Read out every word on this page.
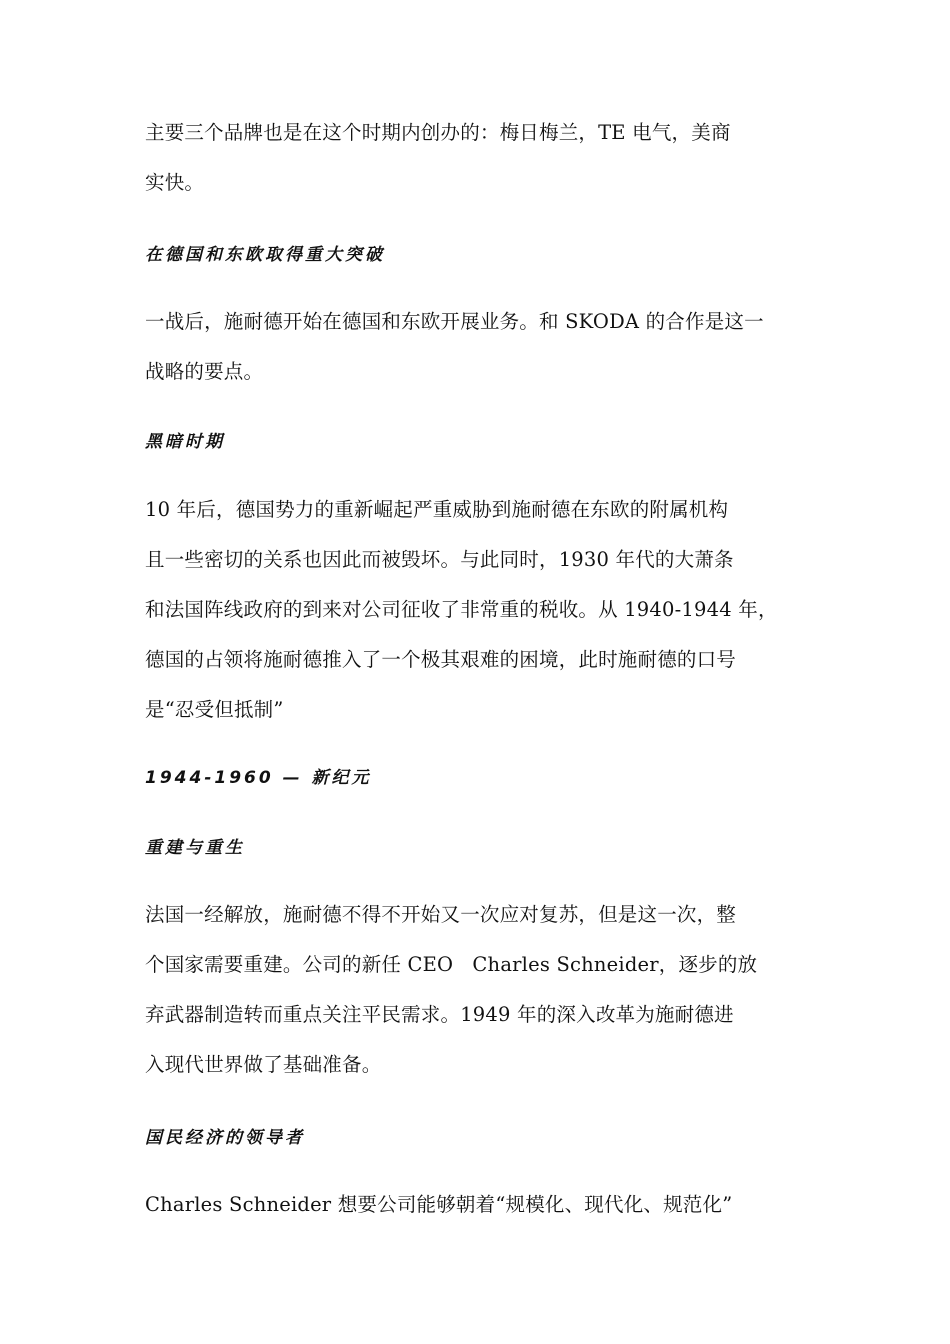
主要三个品牌也是在这个时期内创办的：梅日梅兰，TE 电气，美商
实快。

在德国和东欧取得重大突破

一战后，施耐德开始在德国和东欧开展业务。和 SKODA 的合作是这一
战略的要点。

黑暗时期

10 年后，德国势力的重新崛起严重威胁到施耐德在东欧的附属机构
且一些密切的关系也因此而被毁坏。与此同时，1930 年代的大萧条
和法国阵线政府的到来对公司征收了非常重的税收。从 1940-1944 年，
德国的占领将施耐德推入了一个极其艰难的困境，此时施耐德的口号
是“忍受但抵制”

1944-1960 — 新纪元
重建与重生

法国一经解放，施耐德不得不开始又一次应对复苏，但是这一次，整
个国家需要重建。公司的新任 CEO   Charles Schneider，逐步的放
弃武器制造转而重点关注平民需求。1949 年的深入改革为施耐德进
入现代世界做了基础准备。

国民经济的领导者

Charles Schneider 想要公司能够朝着“规模化、现代化、规范化”
